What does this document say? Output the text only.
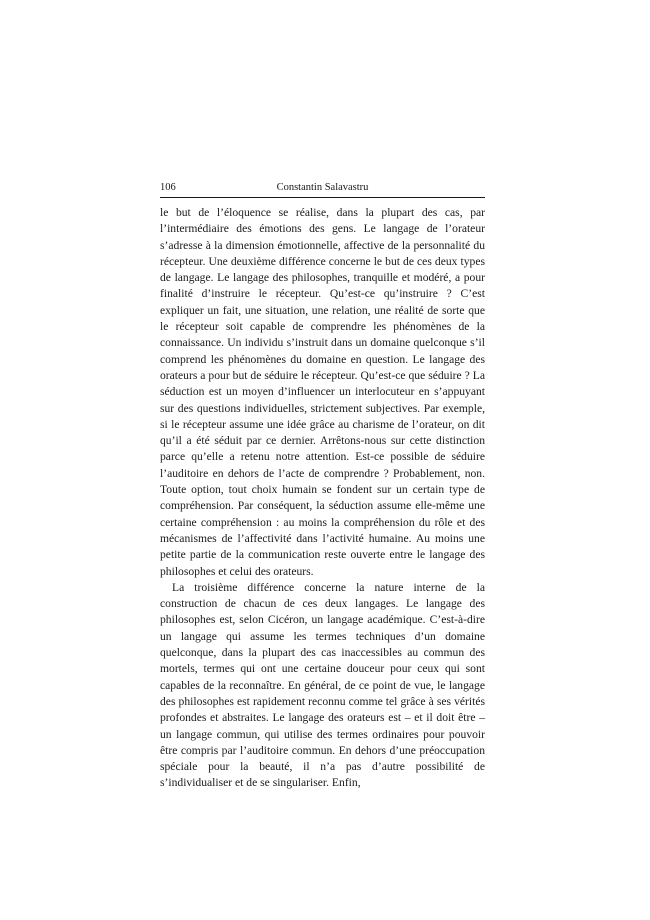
106	Constantin Salavastru

le but de l’éloquence se réalise, dans la plupart des cas, par l’intermédiaire des émotions des gens. Le langage de l’orateur s’adresse à la dimension émotionnelle, affective de la personnalité du récepteur. Une deuxième différence concerne le but de ces deux types de langage. Le langage des philosophes, tranquille et modéré, a pour finalité d’instruire le récepteur. Qu’est-ce qu’instruire ? C’est expliquer un fait, une situation, une relation, une réalité de sorte que le récepteur soit capable de comprendre les phénomènes de la connaissance. Un individu s’instruit dans un domaine quelconque s’il comprend les phénomènes du domaine en question. Le langage des orateurs a pour but de séduire le récepteur. Qu’est-ce que séduire ? La séduction est un moyen d’influencer un interlocuteur en s’appuyant sur des questions individuelles, strictement subjectives. Par exemple, si le récepteur assume une idée grâce au charisme de l’orateur, on dit qu’il a été séduit par ce dernier. Arrêtons-nous sur cette distinction parce qu’elle a retenu notre attention. Est-ce possible de séduire l’auditoire en dehors de l’acte de comprendre ? Probablement, non. Toute option, tout choix humain se fondent sur un certain type de compréhension. Par conséquent, la séduction assume elle-même une certaine compréhension : au moins la compréhension du rôle et des mécanismes de l’affectivité dans l’activité humaine. Au moins une petite partie de la communication reste ouverte entre le langage des philosophes et celui des orateurs.

La troisième différence concerne la nature interne de la construction de chacun de ces deux langages. Le langage des philosophes est, selon Cicéron, un langage académique. C’est-à-dire un langage qui assume les termes techniques d’un domaine quelconque, dans la plupart des cas inaccessibles au commun des mortels, termes qui ont une certaine douceur pour ceux qui sont capables de la reconnaître. En général, de ce point de vue, le langage des philosophes est rapidement reconnu comme tel grâce à ses vérités profondes et abstraites. Le langage des orateurs est – et il doit être – un langage commun, qui utilise des termes ordinaires pour pouvoir être compris par l’auditoire commun. En dehors d’une préoccupation spéciale pour la beauté, il n’a pas d’autre possibilité de s’individualiser et de se singulariser. Enfin,
